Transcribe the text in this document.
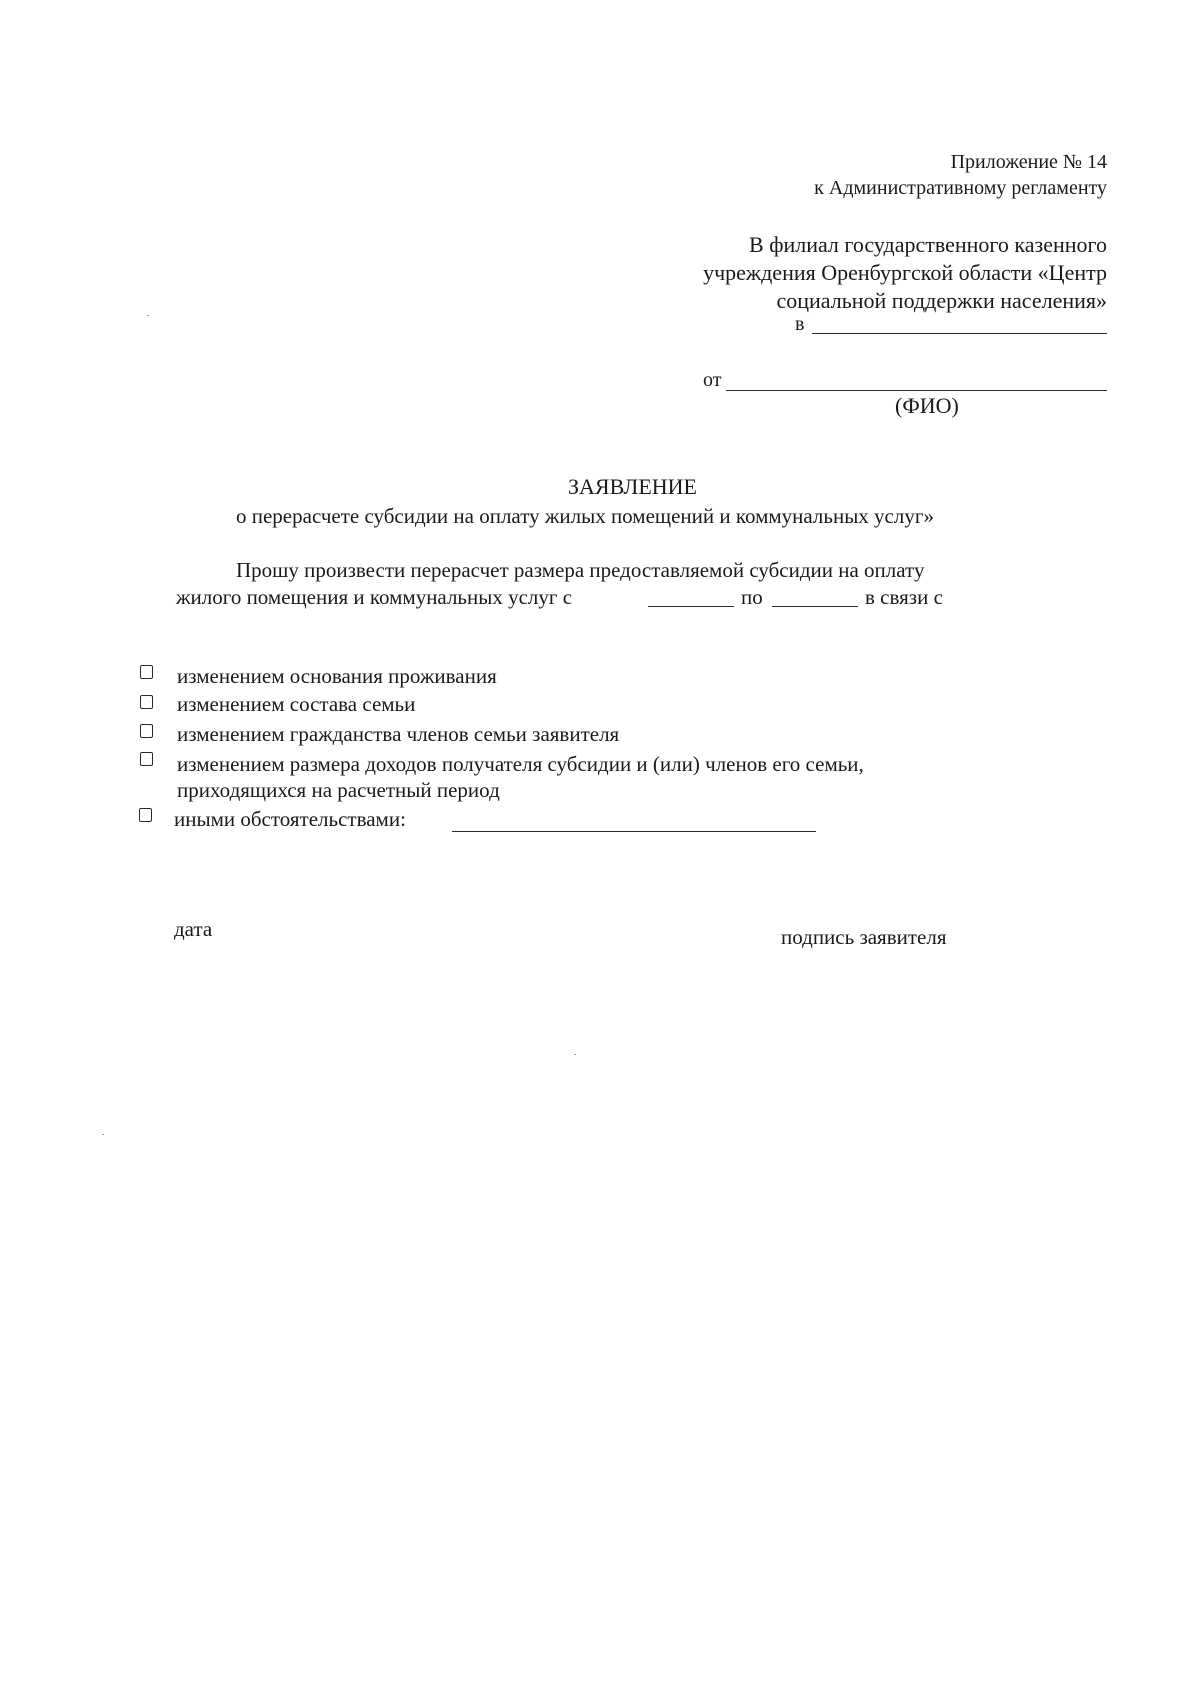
Приложение № 14
к Административному регламенту
В филиал государственного казенного
учреждения Оренбургской области «Центр
социальной поддержки населения»
в
от
(ФИО)
ЗАЯВЛЕНИЕ
о перерасчете субсидии на оплату жилых помещений и коммунальных услуг»
Прошу произвести перерасчет размера предоставляемой субсидии на оплату
жилого помещения и коммунальных услуг с	по	в связи с
изменением основания проживания
изменением состава семьи
изменением гражданства членов семьи заявителя
изменением размера доходов получателя субсидии и (или) членов его семьи,
приходящихся на расчетный период
иными обстоятельствами:
дата	подпись заявителя
